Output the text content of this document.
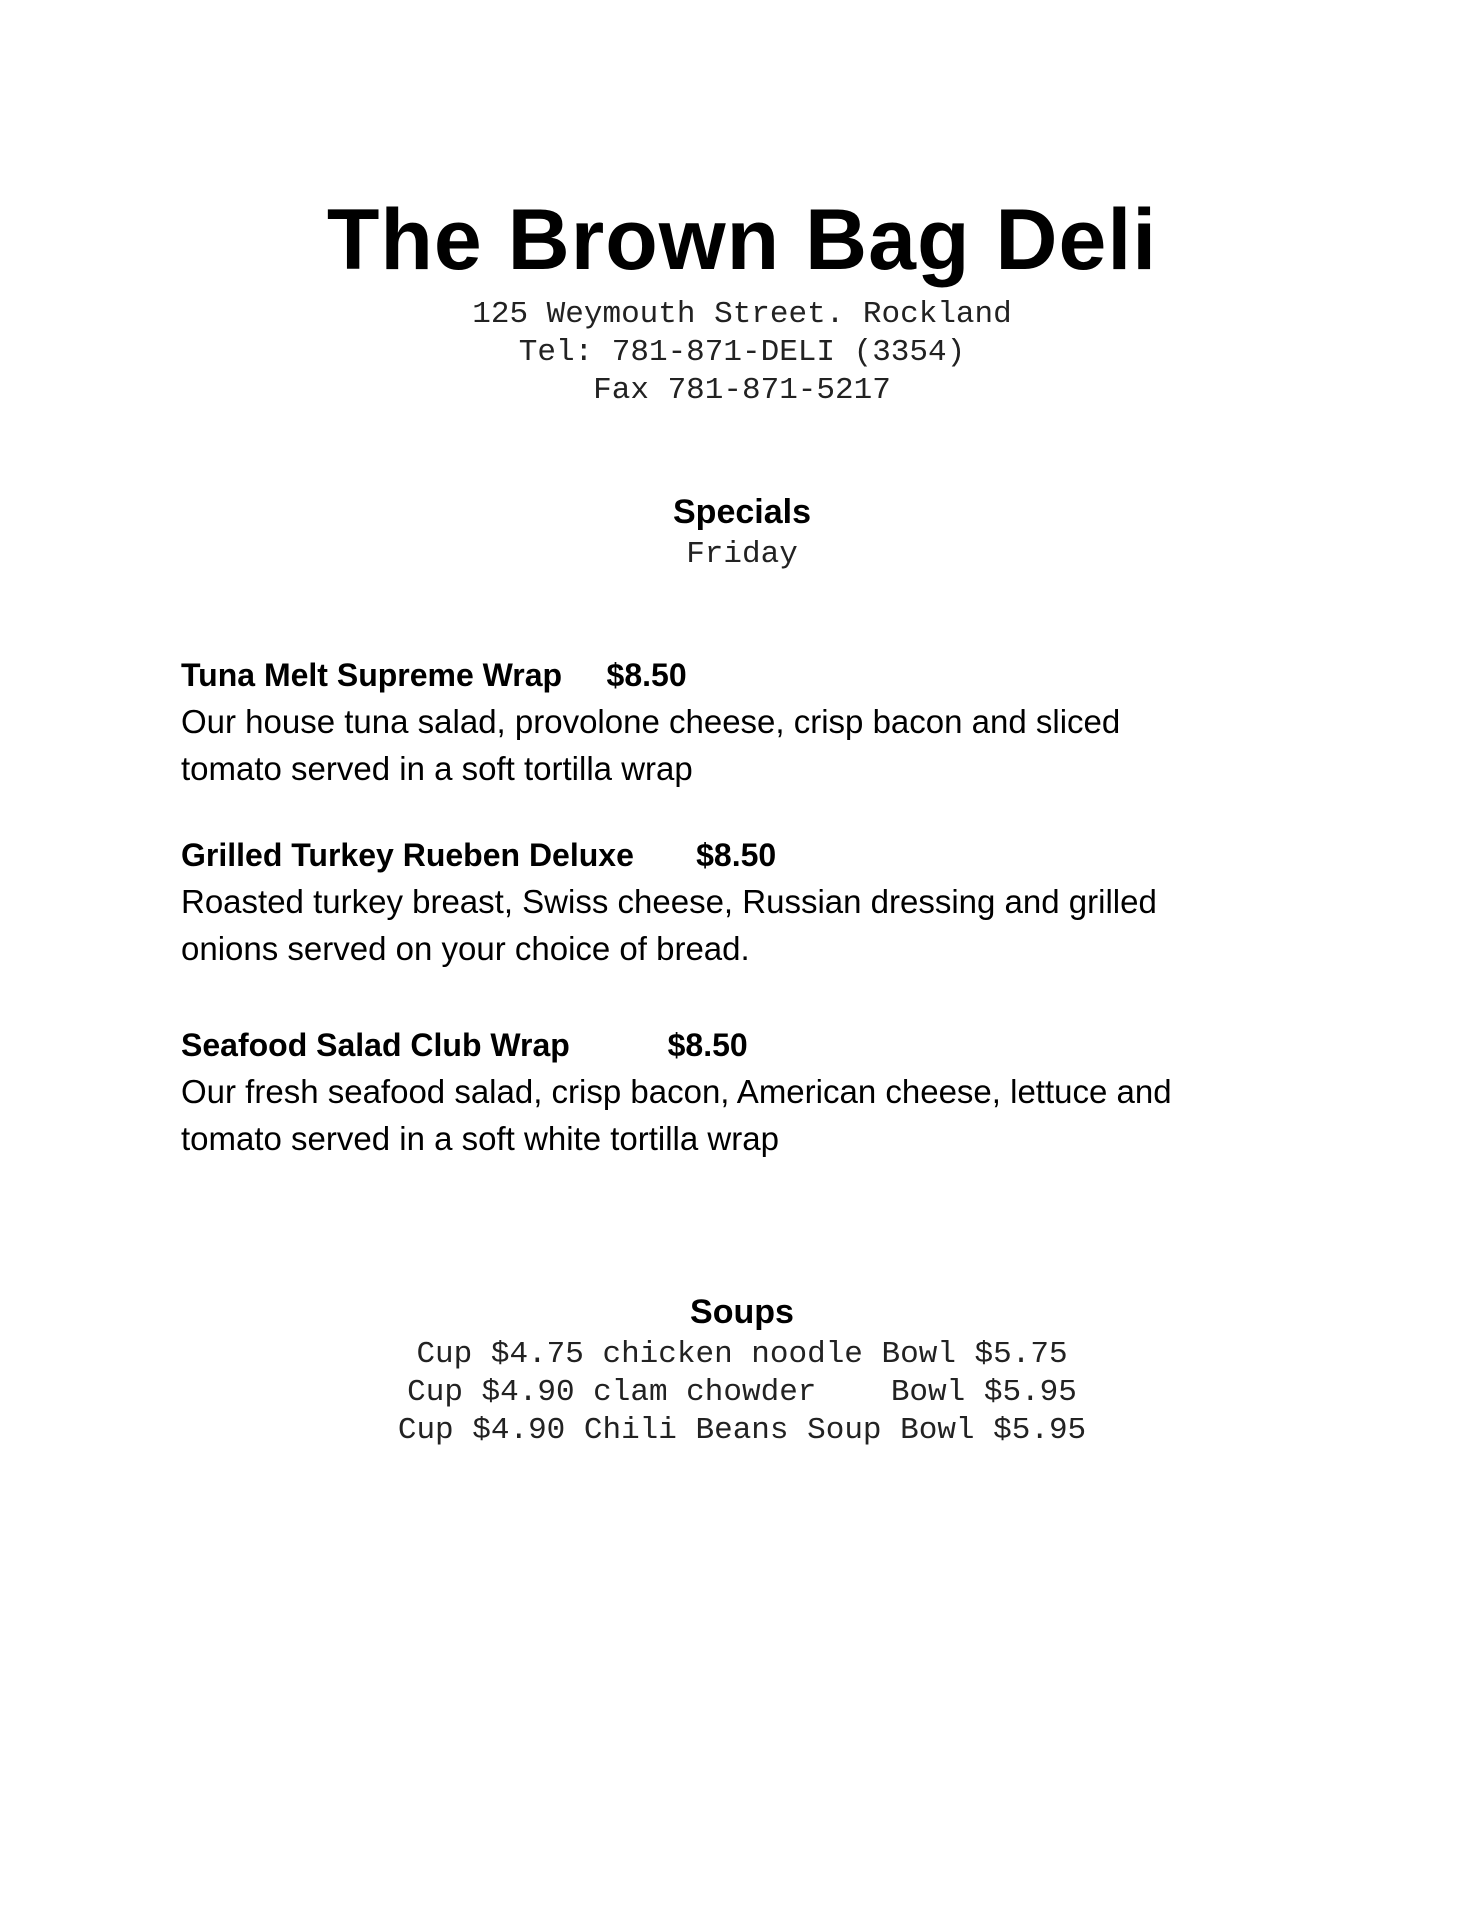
The Brown Bag Deli
125 Weymouth Street. Rockland
Tel: 781-871-DELI (3354)
Fax 781-871-5217
Specials
Friday
Tuna Melt Supreme Wrap $8.50
Our house tuna salad, provolone cheese, crisp bacon and sliced
tomato served in a soft tortilla wrap
Grilled Turkey Rueben Deluxe $8.50
Roasted turkey breast, Swiss cheese, Russian dressing and grilled
onions served on your choice of bread.
Seafood Salad Club Wrap	$8.50
Our fresh seafood salad, crisp bacon, American cheese, lettuce and
tomato served in a soft white tortilla wrap
Soups
Cup $4.75 chicken noodle Bowl $5.75
Cup $4.90 clam chowder    Bowl $5.95
Cup $4.90 Chili Beans Soup Bowl $5.95
